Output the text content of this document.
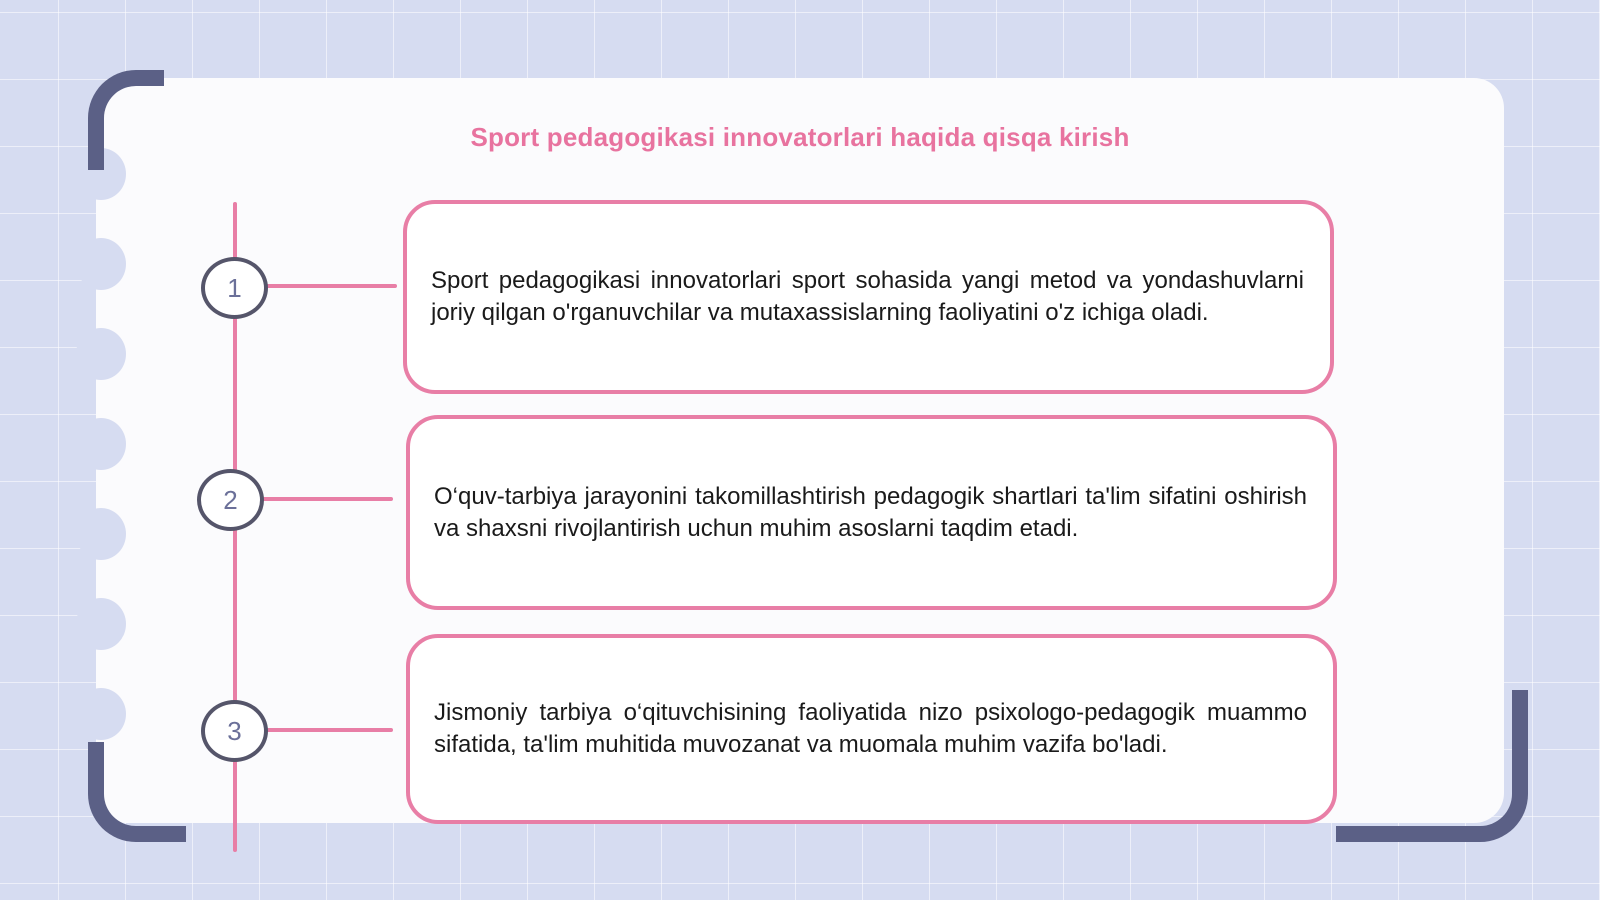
Sport pedagogikasi innovatorlari haqida qisqa kirish
1
2
3

Sport pedagogikasi innovatorlari sport sohasida yangi metod va yondashuvlarni joriy qilgan o'rganuvchilar va mutaxassislarning faoliyatini o'z ichiga oladi.

O‘quv-tarbiya jarayonini takomillashtirish pedagogik shartlari ta'lim sifatini oshirish va shaxsni rivojlantirish uchun muhim asoslarni taqdim etadi.

Jismoniy tarbiya o‘qituvchisining faoliyatida nizo psixologo-pedagogik muammo sifatida, ta'lim muhitida muvozanat va muomala muhim vazifa bo'ladi.
